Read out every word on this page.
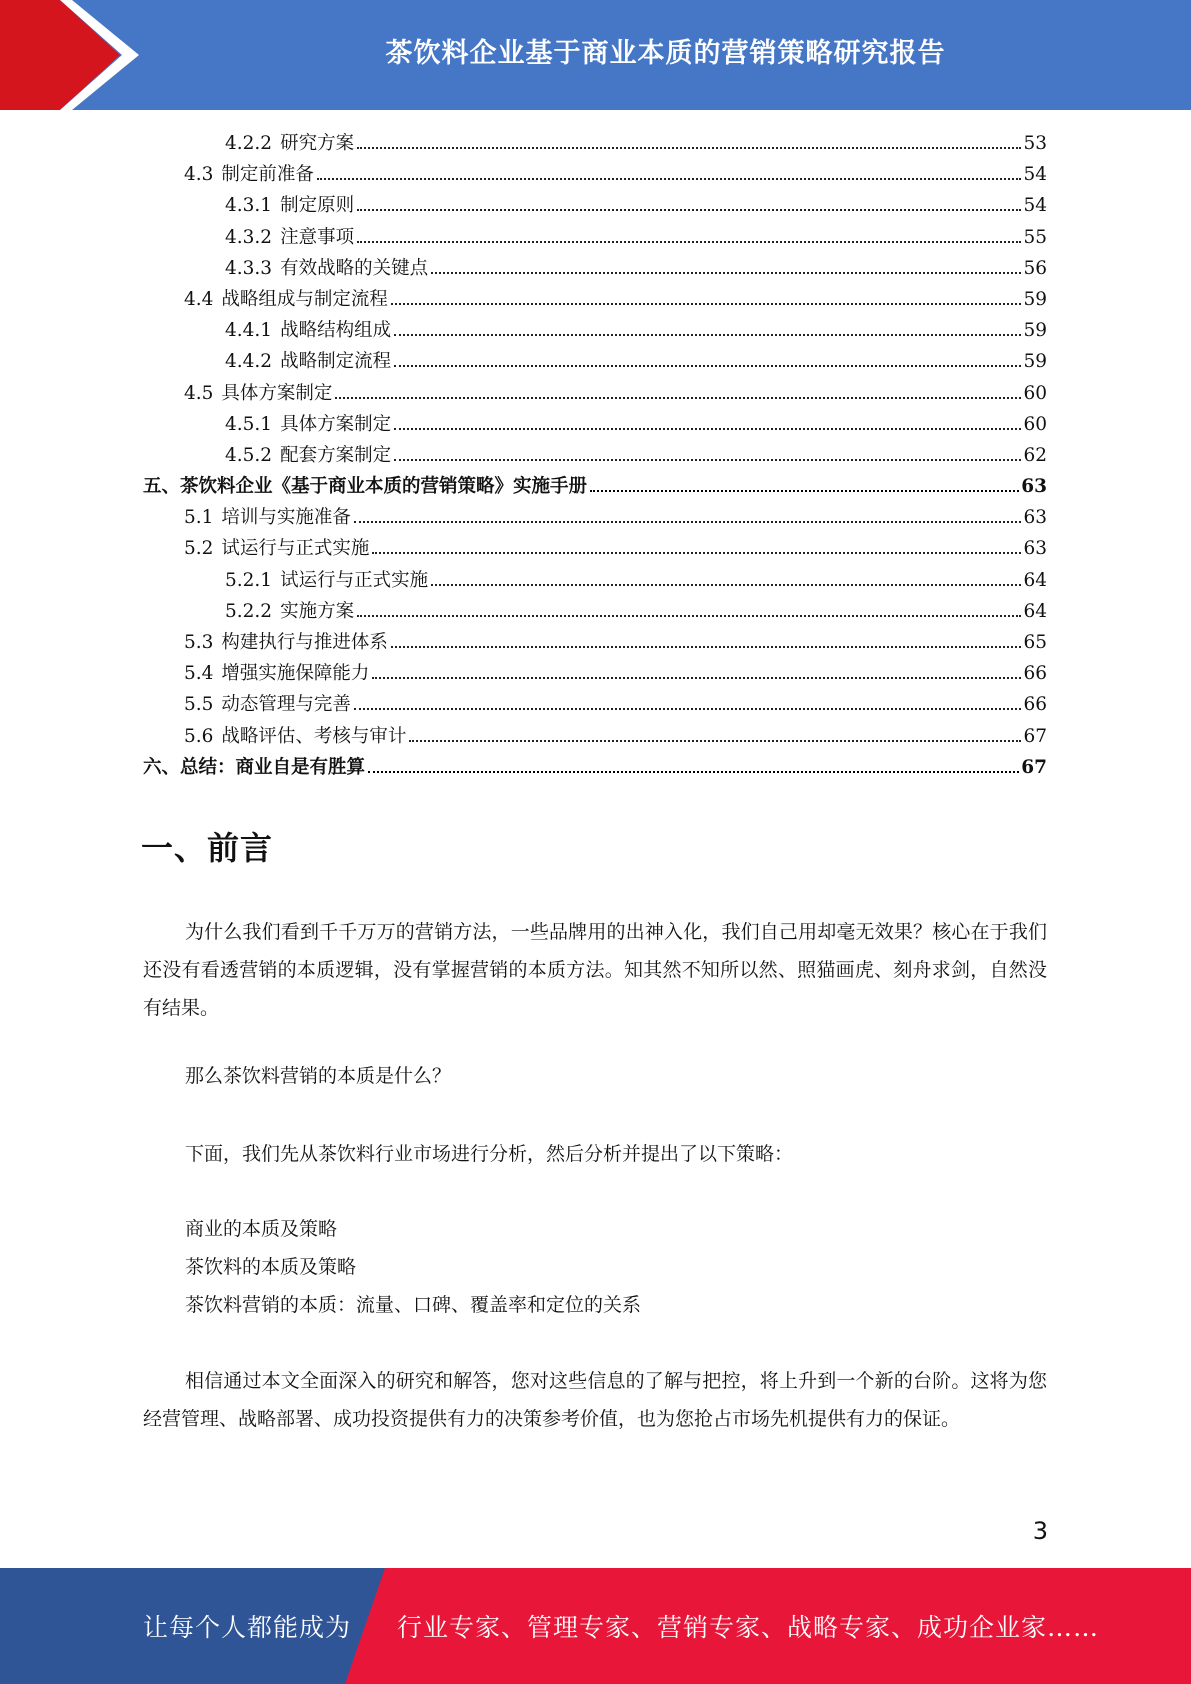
茶饮料企业基于商业本质的营销策略研究报告
4.2.2 研究方案	53
4.3 制定前准备	54
4.3.1 制定原则	54
4.3.2 注意事项	55
4.3.3 有效战略的关键点	56
4.4 战略组成与制定流程	59
4.4.1 战略结构组成	59
4.4.2 战略制定流程	59
4.5 具体方案制定	60
4.5.1 具体方案制定	60
4.5.2 配套方案制定	62
五、茶饮料企业《基于商业本质的营销策略》实施手册	63
5.1 培训与实施准备	63
5.2 试运行与正式实施	63
5.2.1 试运行与正式实施	64
5.2.2 实施方案	64
5.3 构建执行与推进体系	65
5.4 增强实施保障能力	66
5.5 动态管理与完善	66
5.6 战略评估、考核与审计	67
六、总结：商业自是有胜算	67
一、前言
为什么我们看到千千万万的营销方法，一些品牌用的出神入化，我们自己用却毫无效果？核心在于我们还没有看透营销的本质逻辑，没有掌握营销的本质方法。知其然不知所以然、照猫画虎、刻舟求剑，自然没有结果。
那么茶饮料营销的本质是什么？
下面，我们先从茶饮料行业市场进行分析，然后分析并提出了以下策略：
商业的本质及策略
茶饮料的本质及策略
茶饮料营销的本质：流量、口碑、覆盖率和定位的关系
相信通过本文全面深入的研究和解答，您对这些信息的了解与把控，将上升到一个新的台阶。这将为您经营管理、战略部署、成功投资提供有力的决策参考价值，也为您抢占市场先机提供有力的保证。
3
让每个人都能成为 行业专家、管理专家、营销专家、战略专家、成功企业家……
